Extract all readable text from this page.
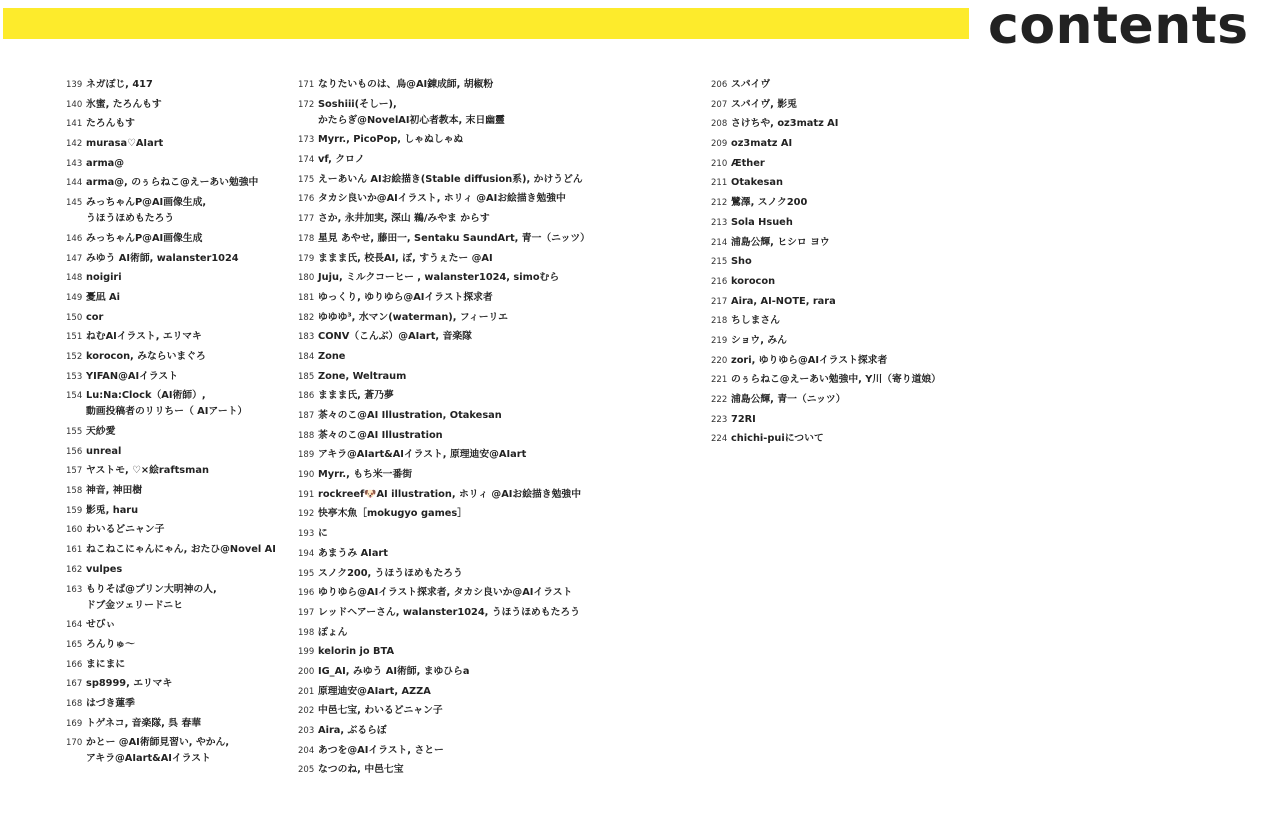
contents
139 ネガぽじ, 417
140 氷蜜, たろんもす
141 たろんもす
142 murasa♡AIart
143 arma@
144 arma@, のぅらねこ@えーあい勉強中
145 みっちゃんP@AI画像生成,
うほうほめもたろう
146 みっちゃんP@AI画像生成
147 みゆう AI術師, walanster1024
148 noigiri
149 憂凪 Ai
150 cor
151 ねむAIイラスト, エリマキ
152 korocon, みならいまぐろ
153 YIFAN@AIイラスト
154 Lu:Na:Clock（AI術師）,
動画投稿者のリリちー（ AIアート）
155 天紗愛
156 unreal
157 ヤストモ, ♡×絵raftsman
158 神音, 神田樹
159 影兎, haru
160 わいるどニャン子
161 ねこねこにゃんにゃん, おたひ@Novel AI
162 vulpes
163 もりそば@プリン大明神の人,
ドブ金ツェリードニヒ
164 せびぃ
165 ろんりゅ〜
166 まにまに
167 sp8999, エリマキ
168 はづき蓮季
169 トゲネコ, 音楽隊, 呉 春華
170 かとー @AI術師見習い, やかん,
アキラ@AIart&AIイラスト
171 なりたいものは、烏@AI錬成師, 胡椒粉
172 Soshiii(そしー),
かたらぎ@NovelAI初心者教本, 末日幽靈
173 Myrr., PicoPop, しゃぬしゃぬ
174 vf, クロノ
175 えーあいん AIお絵描き(Stable diffusion系), かけうどん
176 タカシ良いか@AIイラスト, ホリィ @AIお絵描き勉強中
177 さか, 永井加実, 深山 鵜/みやま からす
178 星見 あやせ, 藤田一, Sentaku SaundArt, 青一（ニッツ）
179 ままま氏, 校長AI, ぽ, すうぇたー @AI
180 Juju, ミルクコーヒー , walanster1024, simoむら
181 ゆっくり, ゆりゆら@AIイラスト探求者
182 ゆゆゆ³, 水マン(waterman), フィーリエ
183 CONV（こんぶ）@AIart, 音楽隊
184 Zone
185 Zone, Weltraum
186 ままま氏, 蒼乃夢
187 茶々のこ@AI Illustration, Otakesan
188 茶々のこ@AI Illustration
189 アキラ@AIart&AIイラスト, 原理迪安@AIart
190 Myrr., もち米一番街
191 rockreef🐶AI illustration, ホリィ @AIお絵描き勉強中
192 快亭木魚［mokugyo games］
193 に
194 あまうみ AIart
195 スノク200, うほうほめもたろう
196 ゆりゆら@AIイラスト探求者, タカシ良いか@AIイラスト
197 レッドヘアーさん, walanster1024, うほうほめもたろう
198 ぽょん
199 kelorin jo BTA
200 IG_AI, みゆう AI術師, まゆひらa
201 原理迪安@AIart, AZZA
202 中邑七宝, わいるどニャン子
203 Aira, ぶるらぼ
204 あつを@AIイラスト, さとー
205 なつのね, 中邑七宝
206 スパイヴ
207 スパイヴ, 影兎
208 さけちや, oz3matz AI
209 oz3matz AI
210 Æther
211 Otakesan
212 鷺澤, スノク200
213 Sola Hsueh
214 浦島公輝, ヒシロ ヨウ
215 Sho
216 korocon
217 Aira, AI-NOTE, rara
218 ちしまさん
219 ショウ, みん
220 zori, ゆりゆら@AIイラスト探求者
221 のぅらねこ@えーあい勉強中, Y川（寄り道娘）
222 浦島公輝, 青一（ニッツ）
223 72RI
224 chichi-puiについて
